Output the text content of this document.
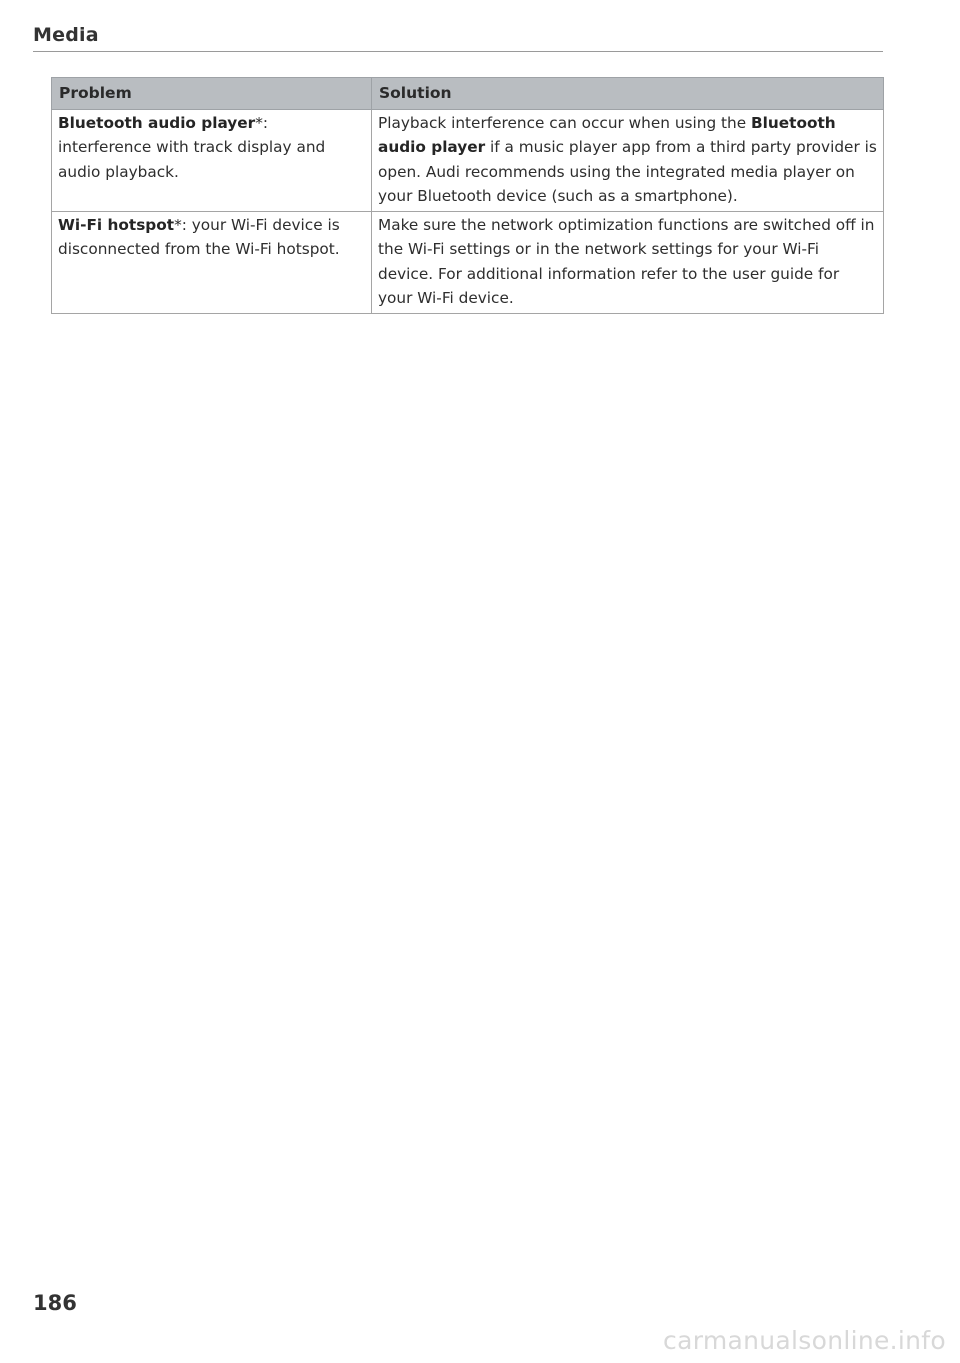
Media
Problem	Solution
Bluetooth audio player*: interference with track display and audio playback.	Playback interference can occur when using the Bluetooth audio player if a music player app from a third party provider is open. Audi recommends using the integrated media player on your Bluetooth device (such as a smartphone).
Wi-Fi hotspot*: your Wi-Fi device is disconnected from the Wi-Fi hotspot.	Make sure the network optimization functions are switched off in the Wi-Fi settings or in the network settings for your Wi-Fi device. For additional information refer to the user guide for your Wi-Fi device.
186
carmanualsonline.info
